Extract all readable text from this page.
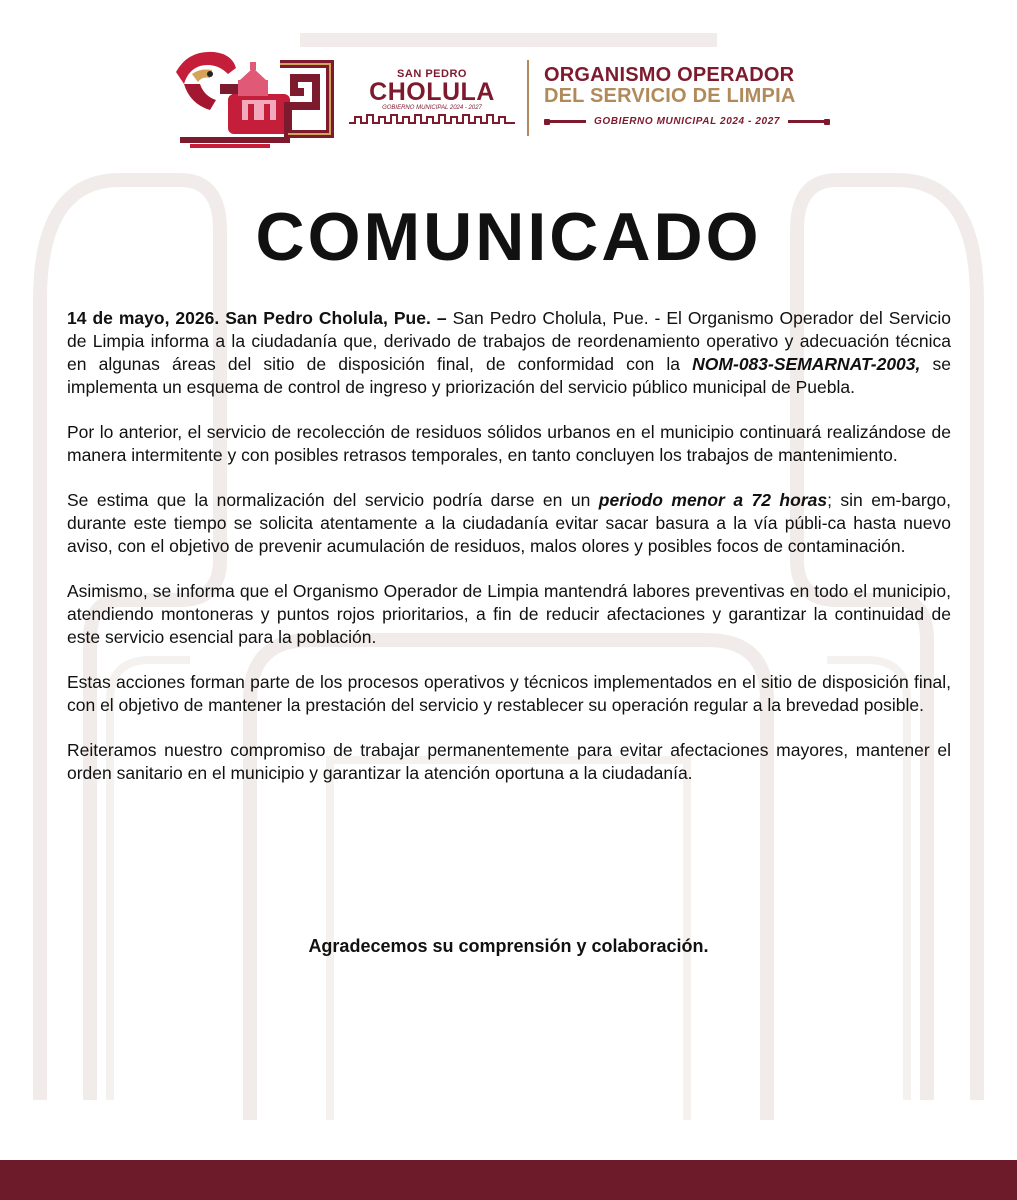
SAN PEDRO
CHOLULA
GOBIERNO MUNICIPAL 2024 - 2027
ORGANISMO OPERADOR
DEL SERVICIO DE LIMPIA
GOBIERNO MUNICIPAL 2024 - 2027
COMUNICADO

14 de mayo, 2026. San Pedro Cholula, Pue. – San Pedro Cholula, Pue. - El Organismo Operador del Servicio de Limpia informa a la ciudadanía que, derivado de trabajos de reordenamiento operativo y adecuación técnica en algunas áreas del sitio de disposición final, de conformidad con la NOM-083-SEMARNAT-2003, se implementa un esquema de control de ingreso y priorización del servicio público municipal de Puebla.

Por lo anterior, el servicio de recolección de residuos sólidos urbanos en el municipio continuará realizándose de manera intermitente y con posibles retrasos temporales, en tanto concluyen los trabajos de mantenimiento.

Se estima que la normalización del servicio podría darse en un periodo menor a 72 horas; sin em-bargo, durante este tiempo se solicita atentamente a la ciudadanía evitar sacar basura a la vía públi-ca hasta nuevo aviso, con el objetivo de prevenir acumulación de residuos, malos olores y posibles focos de contaminación.

Asimismo, se informa que el Organismo Operador de Limpia mantendrá labores preventivas en todo el municipio, atendiendo montoneras y puntos rojos prioritarios, a fin de reducir afectaciones y garantizar la continuidad de este servicio esencial para la población.

Estas acciones forman parte de los procesos operativos y técnicos implementados en el sitio de disposición final, con el objetivo de mantener la prestación del servicio y restablecer su operación regular a la brevedad posible.

Reiteramos nuestro compromiso de trabajar permanentemente para evitar afectaciones mayores, mantener el orden sanitario en el municipio y garantizar la atención oportuna a la ciudadanía.

Agradecemos su comprensión y colaboración.
